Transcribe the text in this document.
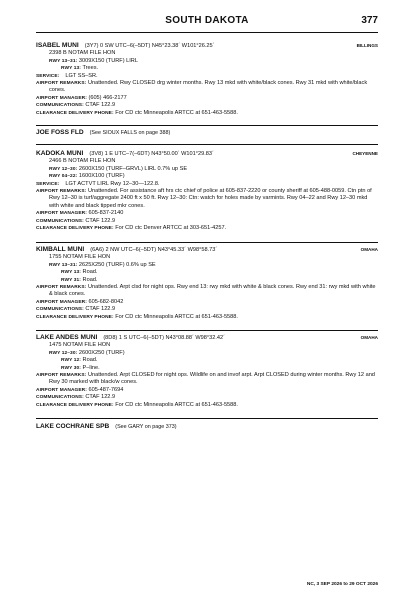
SOUTH DAKOTA	377
BILLINGS
ISABEL MUNI (3Y7) 0 SW UTC–6(–5DT) N45°23.38´ W101°26.25´
2398 B NOTAM FILE HON
RWY 13–31: 3009X150 (TURF) LIRL
RWY 13: Trees.
SERVICE: LGT SS–SR.
AIRPORT REMARKS: Unattended. Rwy CLOSED drg winter months. Rwy 13 mkd with white/black cones. Rwy 31 mkd with white/black cones.
AIRPORT MANAGER: (605) 466-2177
COMMUNICATIONS: CTAF 122.9
CLEARANCE DELIVERY PHONE: For CD ctc Minneapolis ARTCC at 651-463-5588.
JOE FOSS FLD (See SIOUX FALLS on page 388)
CHEYENNE
KADOKA MUNI (3V8) 1 E UTC–7(–6DT) N43°50.00´ W101°29.83´
2466 B NOTAM FILE HON
RWY 12–30: 2600X150 (TURF–GRVL) LIRL 0.7% up SE
RWY 04–22: 1600X100 (TURF)
SERVICE: LGT ACTVT LIRL Rwy 12–30—122.8.
AIRPORT REMARKS: Unattended. For assistance aft hrs ctc chief of police at 605-837-2220 or county sheriff at 605-488-0059. Ctn ptn of Rwy 12–30 is turf/aggregate 2400 ft x 50 ft. Rwy 12–30: Ctn: watch for holes made by varmints. Rwy 04–22 and Rwy 12–30 mkd with white and black tipped mkr cones.
AIRPORT MANAGER: 605-837-2140
COMMUNICATIONS: CTAF 122.9
CLEARANCE DELIVERY PHONE: For CD ctc Denver ARTCC at 303-651-4257.
OMAHA
KIMBALL MUNI (6A6) 2 NW UTC–6(–5DT) N43°45.33´ W98°58.73´
1755 NOTAM FILE HON
RWY 13–31: 2625X250 (TURF) 0.6% up SE
RWY 13: Road.
RWY 31: Road.
AIRPORT REMARKS: Unattended. Arpt clsd for night ops. Rwy end 13: rwy mkd with white & black cones. Rwy end 31: rwy mkd with white & black cones.
AIRPORT MANAGER: 605-682-8042
COMMUNICATIONS: CTAF 122.9
CLEARANCE DELIVERY PHONE: For CD ctc Minneapolis ARTCC at 651-463-5588.
OMAHA
LAKE ANDES MUNI (8D8) 1 S UTC–6(–5DT) N43°08.88´ W98°32.42´
1475 NOTAM FILE HON
RWY 12–30: 2600X250 (TURF)
RWY 12: Road.
RWY 30: P–line.
AIRPORT REMARKS: Unattended. Arpt CLOSED for night ops. Wildlife on and invof arpt. Arpt CLOSED during winter months. Rwy 12 and Rwy 30 marked with black/w cones.
AIRPORT MANAGER: 605-487-7694
COMMUNICATIONS: CTAF 122.9
CLEARANCE DELIVERY PHONE: For CD ctc Minneapolis ARTCC at 651-463-5588.
LAKE COCHRANE SPB (See GARY on page 373)
NC, 3 SEP 2026 to 29 OCT 2026
